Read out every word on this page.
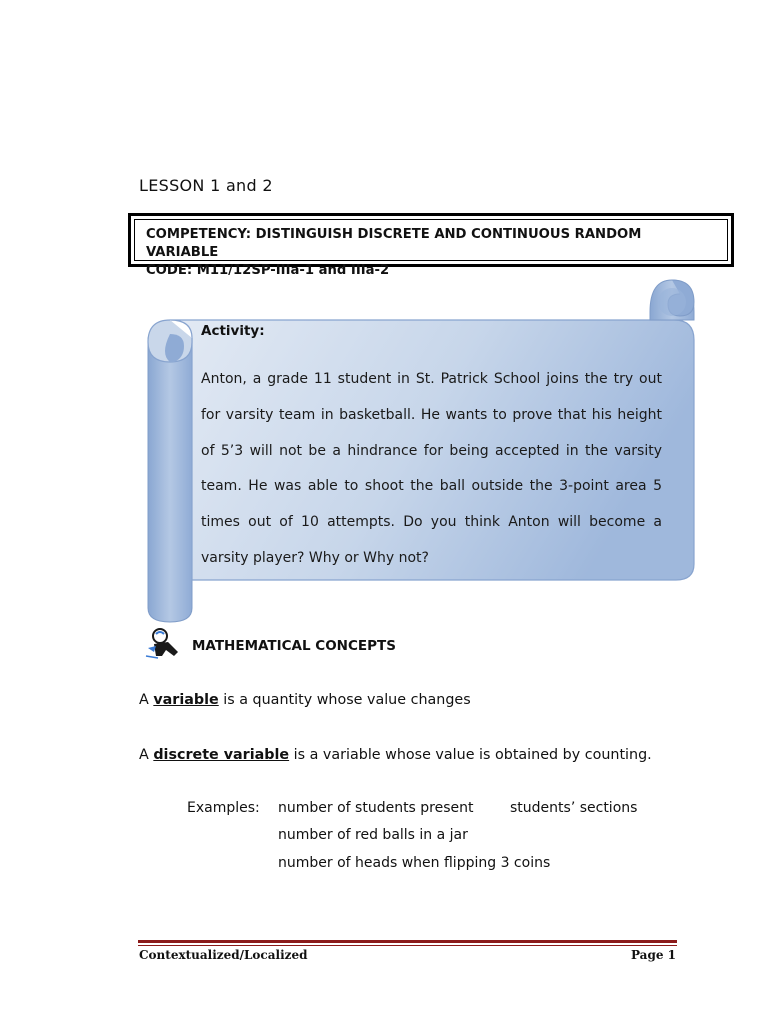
LESSON 1 and 2
COMPETENCY: DISTINGUISH DISCRETE AND CONTINUOUS RANDOM VARIABLE
CODE: M11/12SP-IIIa-1 and IIIa-2
Activity:
Anton, a grade 11 student in St. Patrick School joins the try out for varsity team in basketball. He wants to prove that his height of 5’3 will not be a hindrance for being accepted in the varsity team. He was able to shoot the ball outside the 3-point area 5 times out of 10 attempts. Do you think Anton will become a varsity player? Why or Why not?
MATHEMATICAL CONCEPTS
A variable is a quantity whose value changes
A discrete variable is a variable whose value is obtained by counting.
Examples: number of students present	students’ sections
number of red balls in a jar
number of heads when flipping 3 coins
Contextualized/Localized	Page 1
